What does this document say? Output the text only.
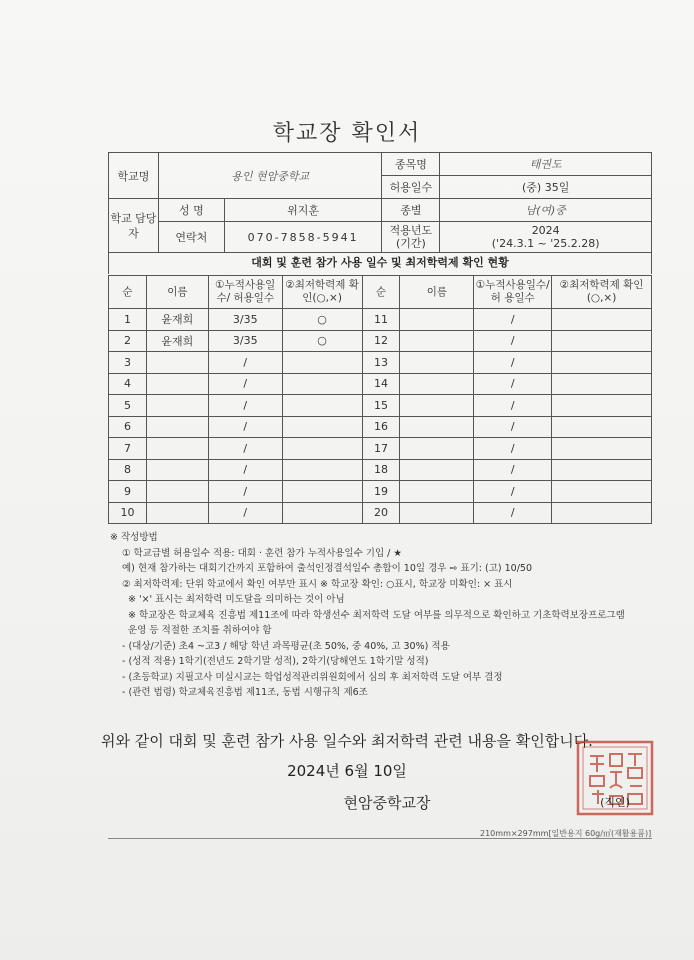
학교장 확인서
학교명	용인 현암중학교		종목명	태권도
			허용일수	(중) 35일
학교 담당자	성 명	위지훈	종별	남(여)중
	연락처	070-7858-5941	적용년도 (기간)	2024
('24.3.1 ~ '25.2.28)
대회 및 훈련 참가 사용 일수 및 최저학력제 확인 현황
순	이름	①누적사용일수/ 허용일수	②최저학력제 확인(○,×)	순	이름	①누적사용일수/허 용일수	②최저학력제 확인(○,×)
1	윤재희	3/35	○	11		/	
2	윤재희	3/35	○	12		/	
3		/		13		/	
4		/		14		/	
5		/		15		/	
6		/		16		/	
7		/		17		/	
8		/		18		/	
9		/		19		/	
10		/		20		/	
※ 작성방법
① 학교급별 허용일수 적용: 대회 · 훈련 참가 누적사용일수 기입 / ★
예) 현재 참가하는 대회기간까지 포함하여 출석인정결석일수 총합이 10일 경우 ⇨ 표기: (고) 10/50
② 최저학력제: 단위 학교에서 확인 여부만 표시 ※ 학교장 확인: ○표시, 학교장 미확인: × 표시
※ '×' 표시는 최저학력 미도달을 의미하는 것이 아님
※ 학교장은 학교체육 진흥법 제11조에 따라 학생선수 최저학력 도달 여부를 의무적으로 확인하고 기초학력보장프로그램
운영 등 적절한 조치를 취하여야 함
- (대상/기준) 초4 ~고3 / 해당 학년 과목평균(초 50%, 중 40%, 고 30%) 적용
- (성적 적용) 1학기(전년도 2학기말 성적), 2학기(당해연도 1학기말 성적)
- (초등학교) 지필고사 미실시교는 학업성적관리위원회에서 심의 후 최저학력 도달 여부 결정
- (관련 법령) 학교체육진흥법 제11조, 동법 시행규칙 제6조
위와 같이 대회 및 훈련 참가 사용 일수와 최저학력 관련 내용을 확인합니다.
2024년 6월 10일
현암중학교장	(직인)
210mm×297mm[일반용지 60g/㎡(재활용품)]
